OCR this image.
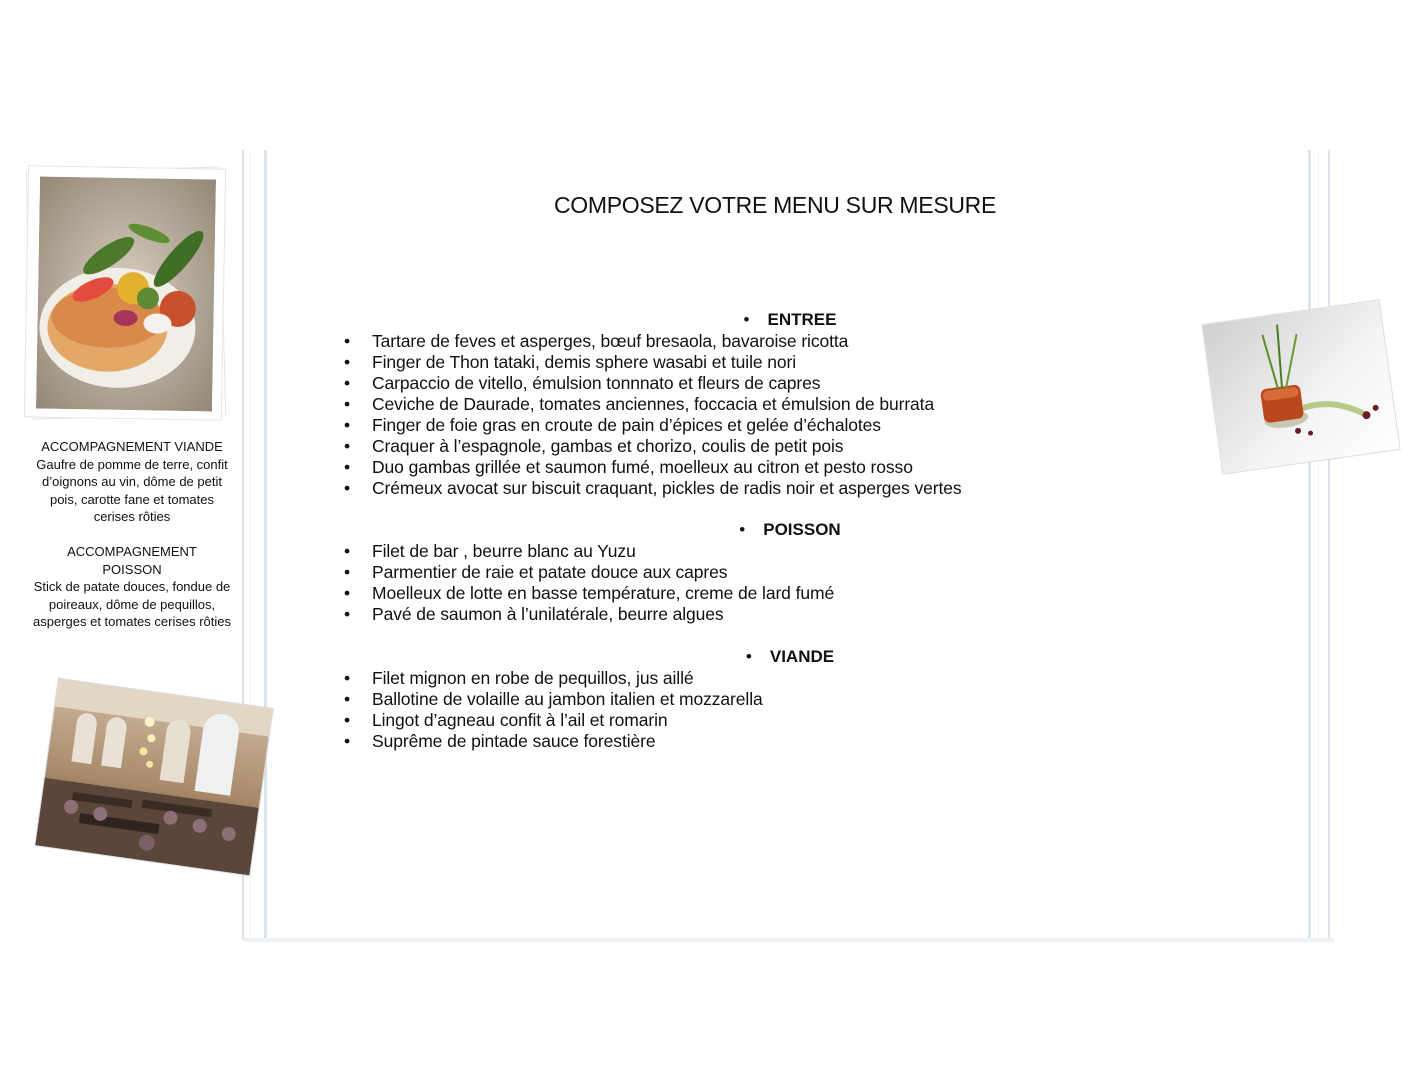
COMPOSEZ VOTRE MENU SUR MESURE
• ENTREE
• Tartare de feves et asperges, bœuf bresaola, bavaroise ricotta
• Finger de Thon tataki, demis sphere wasabi et tuile nori
• Carpaccio de vitello, émulsion tonnnato et fleurs de capres
• Ceviche de Daurade, tomates anciennes, foccacia et émulsion de burrata
• Finger de foie gras en croute de pain d’épices et gelée d’échalotes
• Craquer à l’espagnole, gambas et chorizo, coulis de petit pois
• Duo gambas grillée et saumon fumé, moelleux au citron et pesto rosso
• Crémeux avocat sur biscuit craquant, pickles de radis noir et asperges vertes
• POISSON
• Filet de bar , beurre blanc au Yuzu
• Parmentier de raie et patate douce aux capres
• Moelleux de lotte en basse température, creme de lard fumé
• Pavé de saumon à l’unilatérale, beurre algues
• VIANDE
• Filet mignon en robe de pequillos, jus aillé
• Ballotine de volaille au jambon italien et mozzarella
• Lingot d’agneau confit à l’ail et romarin
• Suprême de pintade sauce forestière
ACCOMPAGNEMENT VIANDE
Gaufre de pomme de terre, confit d’oignons au vin, dôme de petit pois, carotte fane et tomates cerises rôties
ACCOMPAGNEMENT POISSON
Stick de patate douces, fondue de poireaux, dôme de pequillos, asperges et tomates cerises rôties
